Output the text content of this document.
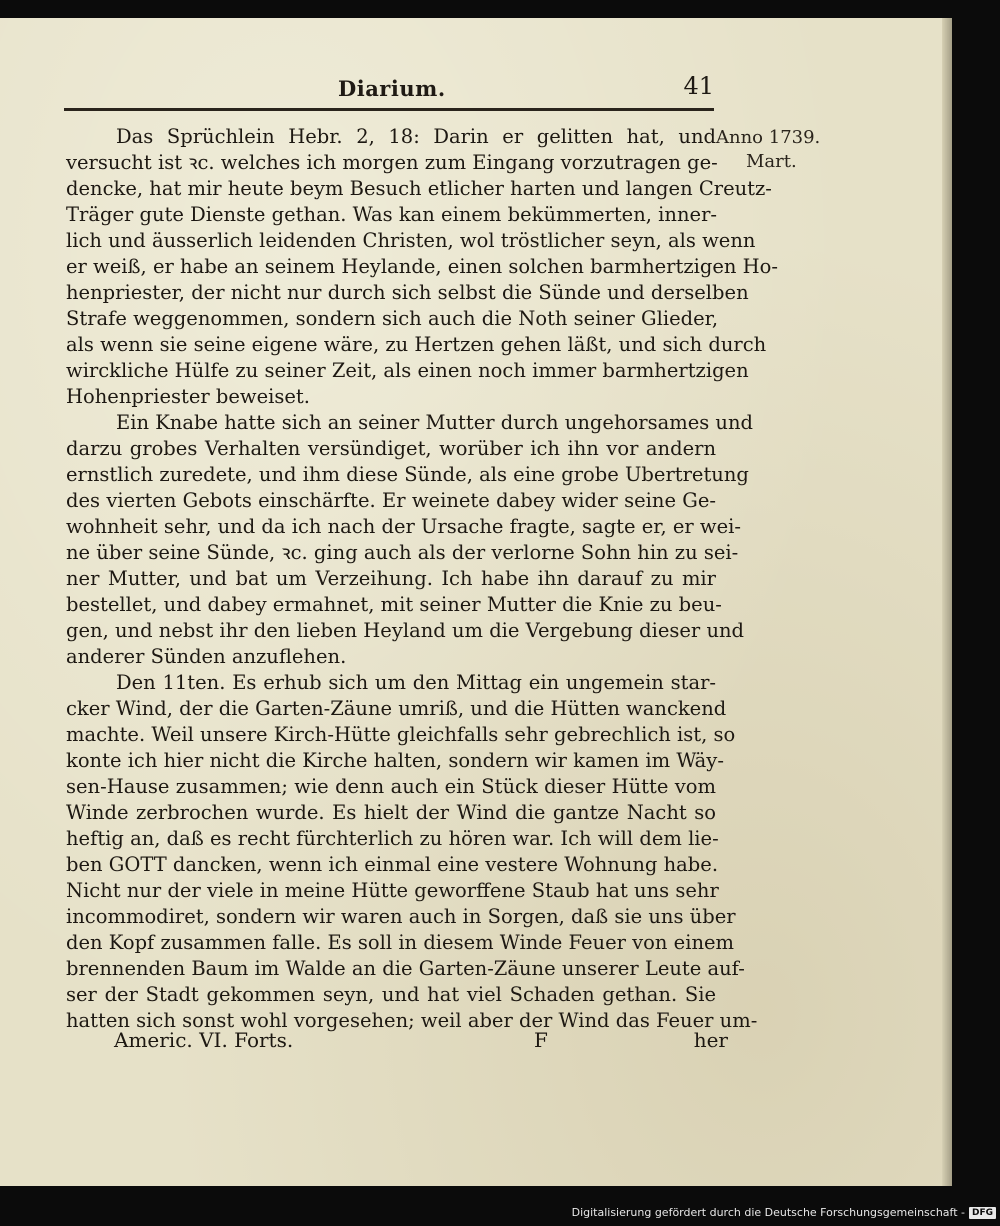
Diarium.	41
Anno 1739.
Mart.
Das Sprüchlein Hebr. 2, 18: Darin er gelitten hat, und
versucht ist ꝛc. welches ich morgen zum Eingang vorzutragen ge-
dencke, hat mir heute beym Besuch etlicher harten und langen Creutz-
Träger gute Dienste gethan. Was kan einem bekümmerten, inner-
lich und äusserlich leidenden Christen, wol tröstlicher seyn, als wenn
er weiß, er habe an seinem Heylande, einen solchen barmhertzigen Ho-
henpriester, der nicht nur durch sich selbst die Sünde und derselben
Strafe weggenommen, sondern sich auch die Noth seiner Glieder,
als wenn sie seine eigene wäre, zu Hertzen gehen läßt, und sich durch
wirckliche Hülfe zu seiner Zeit, als einen noch immer barmhertzigen
Hohenpriester beweiset.
Ein Knabe hatte sich an seiner Mutter durch ungehorsames und
darzu grobes Verhalten versündiget, worüber ich ihn vor andern
ernstlich zuredete, und ihm diese Sünde, als eine grobe Ubertretung
des vierten Gebots einschärfte. Er weinete dabey wider seine Ge-
wohnheit sehr, und da ich nach der Ursache fragte, sagte er, er wei-
ne über seine Sünde, ꝛc. ging auch als der verlorne Sohn hin zu sei-
ner Mutter, und bat um Verzeihung. Ich habe ihn darauf zu mir
bestellet, und dabey ermahnet, mit seiner Mutter die Knie zu beu-
gen, und nebst ihr den lieben Heyland um die Vergebung dieser und
anderer Sünden anzuflehen.
Den 11ten. Es erhub sich um den Mittag ein ungemein star-
cker Wind, der die Garten-Zäune umriß, und die Hütten wanckend
machte. Weil unsere Kirch-Hütte gleichfalls sehr gebrechlich ist, so
konte ich hier nicht die Kirche halten, sondern wir kamen im Wäy-
sen-Hause zusammen; wie denn auch ein Stück dieser Hütte vom
Winde zerbrochen wurde. Es hielt der Wind die gantze Nacht so
heftig an, daß es recht fürchterlich zu hören war. Ich will dem lie-
ben GOTT dancken, wenn ich einmal eine vestere Wohnung habe.
Nicht nur der viele in meine Hütte geworffene Staub hat uns sehr
incommodiret, sondern wir waren auch in Sorgen, daß sie uns über
den Kopf zusammen falle. Es soll in diesem Winde Feuer von einem
brennenden Baum im Walde an die Garten-Zäune unserer Leute auf-
ser der Stadt gekommen seyn, und hat viel Schaden gethan. Sie
hatten sich sonst wohl vorgesehen; weil aber der Wind das Feuer um-
Americ. VI. Forts.	F	her
Digitalisierung gefördert durch die Deutsche Forschungsgemeinschaft - DFG
